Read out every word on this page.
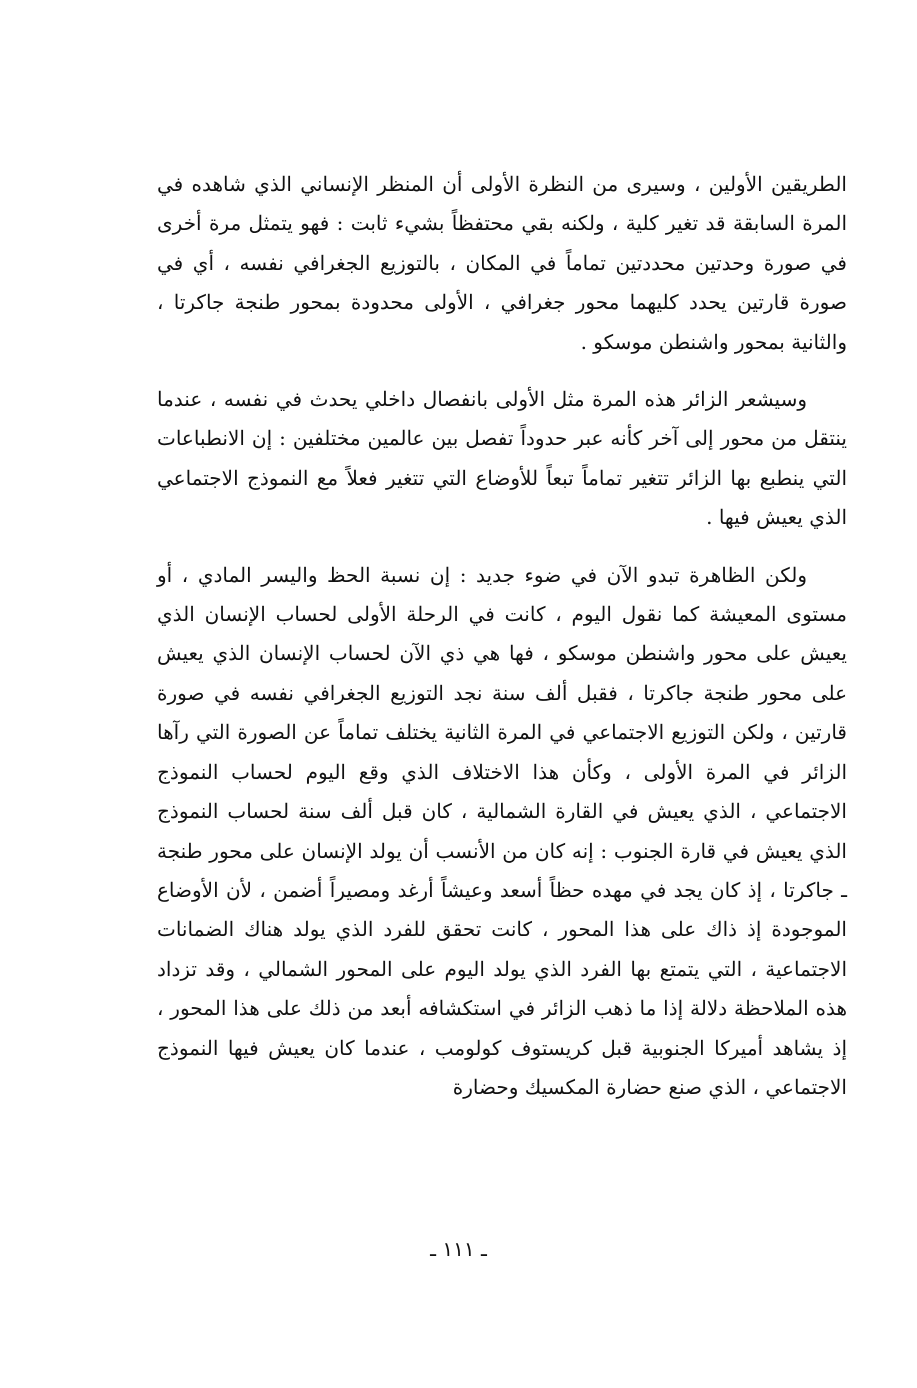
الطريقين الأولين ، وسيرى من النظرة الأولى أن المنظر الإنساني الذي شاهده في المرة السابقة قد تغير كلية ، ولكنه بقي محتفظاً بشيء ثابت : فهو يتمثل مرة أخرى في صورة وحدتين محددتين تماماً في المكان ، بالتوزيع الجغرافي نفسه ، أي في صورة قارتين يحدد كليهما محور جغرافي ، الأولى محدودة بمحور طنجة جاكرتا ، والثانية بمحور واشنطن موسكو .

وسيشعر الزائر هذه المرة مثل الأولى بانفصال داخلي يحدث في نفسه ، عندما ينتقل من محور إلى آخر كأنه عبر حدوداً تفصل بين عالمين مختلفين : إن الانطباعات التي ينطبع بها الزائر تتغير تماماً تبعاً للأوضاع التي تتغير فعلاً مع النموذج الاجتماعي الذي يعيش فيها .

ولكن الظاهرة تبدو الآن في ضوء جديد : إن نسبة الحظ واليسر المادي ، أو مستوى المعيشة كما نقول اليوم ، كانت في الرحلة الأولى لحساب الإنسان الذي يعيش على محور واشنطن موسكو ، فها هي ذي الآن لحساب الإنسان الذي يعيش على محور طنجة جاكرتا ، فقبل ألف سنة نجد التوزيع الجغرافي نفسه في صورة قارتين ، ولكن التوزيع الاجتماعي في المرة الثانية يختلف تماماً عن الصورة التي رآها الزائر في المرة الأولى ، وكأن هذا الاختلاف الذي وقع اليوم لحساب النموذج الاجتماعي ، الذي يعيش في القارة الشمالية ، كان قبل ألف سنة لحساب النموذج الذي يعيش في قارة الجنوب : إنه كان من الأنسب أن يولد الإنسان على محور طنجة ـ جاكرتا ، إذ كان يجد في مهده حظاً أسعد وعيشاً أرغد ومصيراً أضمن ، لأن الأوضاع الموجودة إذ ذاك على هذا المحور ، كانت تحقق للفرد الذي يولد هناك الضمانات الاجتماعية ، التي يتمتع بها الفرد الذي يولد اليوم على المحور الشمالي ، وقد تزداد هذه الملاحظة دلالة إذا ما ذهب الزائر في استكشافه أبعد من ذلك على هذا المحور ، إذ يشاهد أميركا الجنوبية قبل كريستوف كولومب ، عندما كان يعيش فيها النموذج الاجتماعي ، الذي صنع حضارة المكسيك وحضارة

ـ ١١١ ـ
